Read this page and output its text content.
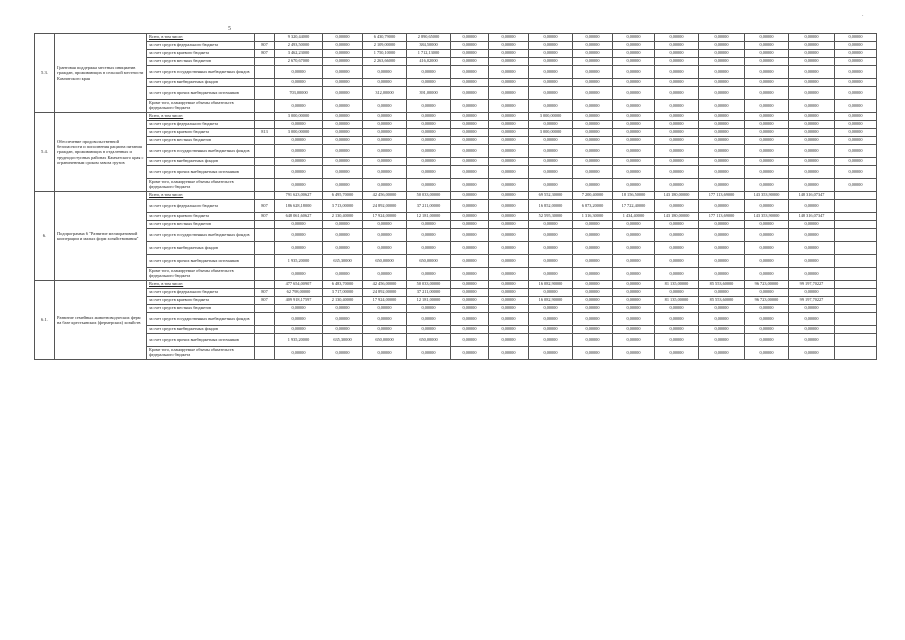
5
.
5.3.	Грантовая поддержка местных инициатив граждан, проживающих в сельской местности Камчатского края	Всего, в том числе:		9 320,44000	0,00000	6 430,79000	2 890,65000	0,00000	0,00000	0,00000	0,00000	0,00000	0,00000	0,00000	0,00000	0,00000	0,00000
		за счет средств федерального бюджета	807	2 493,50000	0,00000	2 109,00000	384,50000	0,00000	0,00000	0,00000	0,00000	0,00000	0,00000	0,00000	0,00000	0,00000	0,00000
		за счет средств краевого бюджета	807	3 462,23000	0,00000	1 750,10000	1 712,13000	0,00000	0,00000	0,00000	0,00000	0,00000	0,00000	0,00000	0,00000	0,00000	0,00000
		за счет средств местных бюджетов		2 670,67000	0,00000	2 263,66000	416,02000	0,00000	0,00000	0,00000	0,00000	0,00000	0,00000	0,00000	0,00000	0,00000	0,00000
		за счет средств государственных внебюджетных фондов		0,00000	0,00000	0,00000	0,00000	0,00000	0,00000	0,00000	0,00000	0,00000	0,00000	0,00000	0,00000	0,00000	0,00000
		за счет средств внебюджетных фондов		0,00000	0,00000	0,00000	0,00000	0,00000	0,00000	0,00000	0,00000	0,00000	0,00000	0,00000	0,00000	0,00000	0,00000
		за счет средств прочих внебюджетных источников		703,00000	0,00000	312,00000	391,00000	0,00000	0,00000	0,00000	0,00000	0,00000	0,00000	0,00000	0,00000	0,00000	0,00000
		Кроме того, планируемые объемы обязательств федерального бюджета		0,00000	0,00000	0,00000	0,00000	0,00000	0,00000	0,00000	0,00000	0,00000	0,00000	0,00000	0,00000	0,00000	0,00000
5.4.	Обеспечение продовольственной безопасности и пополнения рациона питания граждан, проживающих в отдаленных и труднодоступных районах Камчатского края с ограниченным сроком завоза грузов	Всего, в том числе:		3 000,00000	0,00000	0,00000	0,00000	0,00000	0,00000	3 000,00000	0,00000	0,00000	0,00000	0,00000	0,00000	0,00000	0,00000
		за счет средств федерального бюджета		0,00000	0,00000	0,00000	0,00000	0,00000	0,00000	0,00000	0,00000	0,00000	0,00000	0,00000	0,00000	0,00000	0,00000
		за счет средств краевого бюджета	813	3 000,00000	0,00000	0,00000	0,00000	0,00000	0,00000	3 000,00000	0,00000	0,00000	0,00000	0,00000	0,00000	0,00000	0,00000
		за счет средств местных бюджетов		0,00000	0,00000	0,00000	0,00000	0,00000	0,00000	0,00000	0,00000	0,00000	0,00000	0,00000	0,00000	0,00000	0,00000
		за счет средств государственных внебюджетных фондов		0,00000	0,00000	0,00000	0,00000	0,00000	0,00000	0,00000	0,00000	0,00000	0,00000	0,00000	0,00000	0,00000	0,00000
		за счет средств внебюджетных фондов		0,00000	0,00000	0,00000	0,00000	0,00000	0,00000	0,00000	0,00000	0,00000	0,00000	0,00000	0,00000	0,00000	0,00000
		за счет средств прочих внебюджетных источников		0,00000	0,00000	0,00000	0,00000	0,00000	0,00000	0,00000	0,00000	0,00000	0,00000	0,00000	0,00000	0,00000	0,00000
		Кроме того, планируемые объемы обязательств федерального бюджета		0,00000	0,00000	0,00000	0,00000	0,00000	0,00000	0,00000	0,00000	0,00000	0,00000	0,00000	0,00000	0,00000	0,00000
6.	Подпрограмма 6 "Развитие мелиоративной кооперации и малых форм хозяйствования"	Всего, в том числе:		791 623,00627	6 495,70000	42 456,00000	50 033,00000	0,00000	0,00000	69 552,30000	7 200,40000	18 156,50000	143 180,00000	177 113,69000	143 353,90000	148 316,07347	
		за счет средств федерального бюджета	807	186 628,18000	3 713,00000	24 892,00000	37 211,00000	0,00000	0,00000	16 852,00000	6 873,20000	17 722,40000	0,00000	0,00000	0,00000	0,00000	
		за счет средств краевого бюджета	807	648 061,60627	2 130,40000	17 924,00000	12 181,00000	0,00000	0,00000	52 595,30000	1 316,30000	1 434,40000	143 180,00000	177 113,69000	143 353,90000	148 316,07347	
		за счет средств местных бюджетов		0,00000	0,00000	0,00000	0,00000	0,00000	0,00000	0,00000	0,00000	0,00000	0,00000	0,00000	0,00000	0,00000	
		за счет средств государственных внебюджетных фондов		0,00000	0,00000	0,00000	0,00000	0,00000	0,00000	0,00000	0,00000	0,00000	0,00000	0,00000	0,00000	0,00000	
		за счет средств внебюджетных фондов		0,00000	0,00000	0,00000	0,00000	0,00000	0,00000	0,00000	0,00000	0,00000	0,00000	0,00000	0,00000	0,00000	
		за счет средств прочих внебюджетных источников		1 935,20000	635,30000	650,00000	650,00000	0,00000	0,00000	0,00000	0,00000	0,00000	0,00000	0,00000	0,00000	0,00000	
		Кроме того, планируемые объемы обязательств федерального бюджета		0,00000	0,00000	0,00000	0,00000	0,00000	0,00000	0,00000	0,00000	0,00000	0,00000	0,00000	0,00000	0,00000	
6.1.	Развитие семейных животноводческих ферм на базе крестьянских (фермерских) хозяйств	Всего, в том числе:		477 654,00907	6 483,70000	42 456,00000	50 033,00000	0,00000	0,00000	16 082,90000	0,00000	0,00000	81 135,00000	85 553,60000	96 723,00000	99 197,70227	
		за счет средств федерального бюджета	807	62 798,00000	3 717,00000	24 892,00000	37 211,00000	0,00000	0,00000	0,00000	0,00000	0,00000	0,00000	0,00000	0,00000	0,00000	
		за счет средств краевого бюджета	807	409 918,17597	2 130,40000	17 924,00000	12 181,00000	0,00000	0,00000	16 082,90000	0,00000	0,00000	81 135,00000	85 553,60000	96 723,00000	99 197,70227	
		за счет средств местных бюджетов		0,00000	0,00000	0,00000	0,00000	0,00000	0,00000	0,00000	0,00000	0,00000	0,00000	0,00000	0,00000	0,00000	
		за счет средств государственных внебюджетных фондов		0,00000	0,00000	0,00000	0,00000	0,00000	0,00000	0,00000	0,00000	0,00000	0,00000	0,00000	0,00000	0,00000	
		за счет средств внебюджетных фондов		0,00000	0,00000	0,00000	0,00000	0,00000	0,00000	0,00000	0,00000	0,00000	0,00000	0,00000	0,00000	0,00000	
		за счет средств прочих внебюджетных источников		1 935,20000	635,30000	650,00000	650,00000	0,00000	0,00000	0,00000	0,00000	0,00000	0,00000	0,00000	0,00000	0,00000	
		Кроме того, планируемые объемы обязательств федерального бюджета		0,00000	0,00000	0,00000	0,00000	0,00000	0,00000	0,00000	0,00000	0,00000	0,00000	0,00000	0,00000	0,00000	
